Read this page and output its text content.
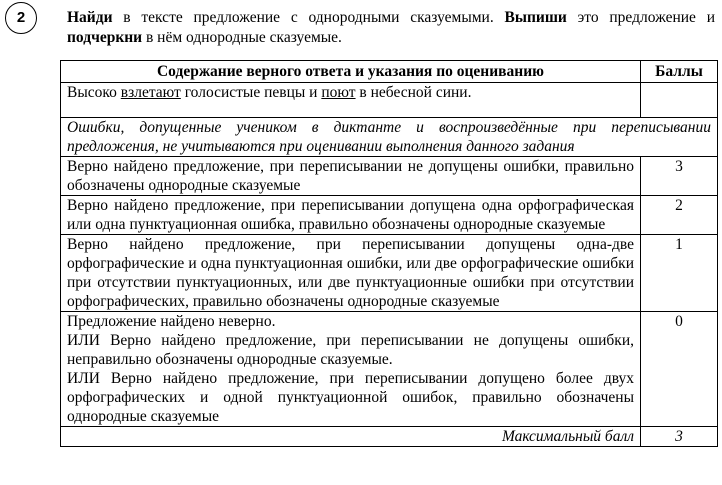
2	Найди в тексте предложение с однородными сказуемыми. Выпиши это предложение и подчеркни в нём однородные сказуемые.
Содержание верного ответа и указания по оцениванию	Баллы
Высоко взлетают голосистые певцы и поют в небесной сини.	
Ошибки, допущенные учеником в диктанте и воспроизведённые при переписывании предложения, не учитываются при оценивании выполнения данного задания	
Верно найдено предложение, при переписывании не допущены ошибки, правильно обозначены однородные сказуемые	3
Верно найдено предложение, при переписывании допущена одна орфографическая или одна пунктуационная ошибка, правильно обозначены однородные сказуемые	2
Верно найдено предложение, при переписывании допущены одна-две орфографические и одна пунктуационная ошибки, или две орфографические ошибки при отсутствии пунктуационных, или две пунктуационные ошибки при отсутствии орфографических, правильно обозначены однородные сказуемые	1

Предложение найдено неверно.
ИЛИ Верно найдено предложение, при переписывании не допущены ошибки, неправильно обозначены однородные сказуемые.
ИЛИ Верно найдено предложение, при переписывании допущено более двух орфографических и одной пунктуационной ошибок, правильно обозначены однородные сказуемые	0
Максимальный балл	3
